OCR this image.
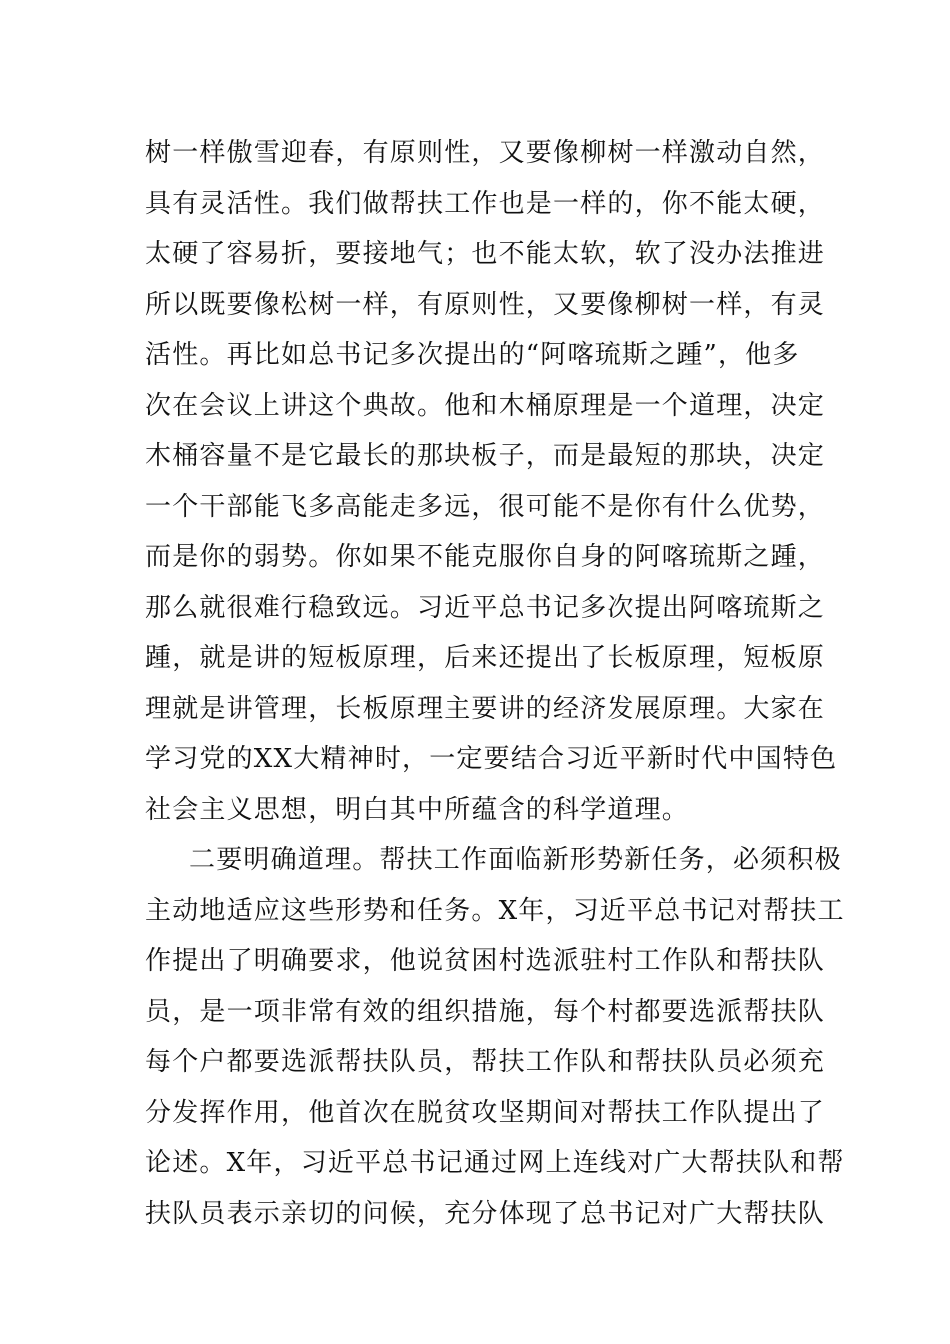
树一样傲雪迎春，有原则性，又要像柳树一样激动自然，
具有灵活性。我们做帮扶工作也是一样的，你不能太硬，
太硬了容易折，要接地气；也不能太软，软了没办法推进
所以既要像松树一样，有原则性，又要像柳树一样，有灵
活性。再比如总书记多次提出的“阿喀琉斯之踵”，他多
次在会议上讲这个典故。他和木桶原理是一个道理，决定
木桶容量不是它最长的那块板子，而是最短的那块，决定
一个干部能飞多高能走多远，很可能不是你有什么优势，
而是你的弱势。你如果不能克服你自身的阿喀琉斯之踵，
那么就很难行稳致远。习近平总书记多次提出阿喀琉斯之
踵，就是讲的短板原理，后来还提出了长板原理，短板原
理就是讲管理，长板原理主要讲的经济发展原理。大家在
学习党的XX大精神时，一定要结合习近平新时代中国特色
社会主义思想，明白其中所蕴含的科学道理。
二要明确道理。帮扶工作面临新形势新任务，必须积极
主动地适应这些形势和任务。X年，习近平总书记对帮扶工
作提出了明确要求，他说贫困村选派驻村工作队和帮扶队
员，是一项非常有效的组织措施，每个村都要选派帮扶队
每个户都要选派帮扶队员，帮扶工作队和帮扶队员必须充
分发挥作用，他首次在脱贫攻坚期间对帮扶工作队提出了
论述。X年，习近平总书记通过网上连线对广大帮扶队和帮
扶队员表示亲切的问候，充分体现了总书记对广大帮扶队
